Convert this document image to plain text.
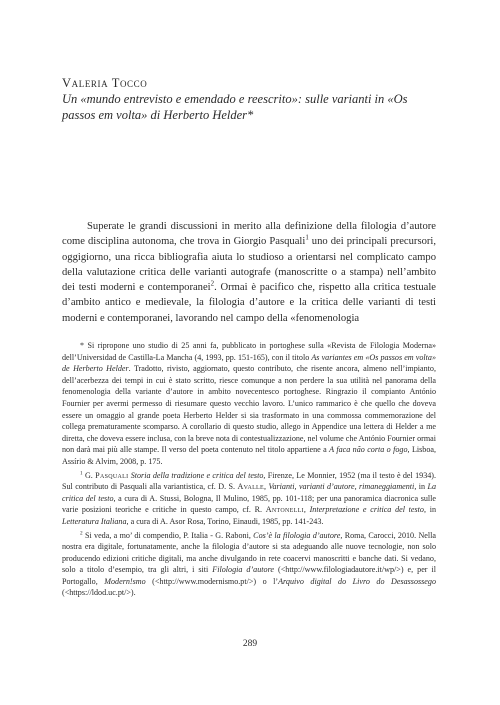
Valeria Tocco

Un «mundo entrevisto e emendado e reescrito»: sulle varianti in «Os passos em volta» di Herberto Helder*

Superate le grandi discussioni in merito alla definizione della filologia d’autore come disciplina autonoma, che trova in Giorgio Pasquali$^1$ uno dei principali precursori, oggigiorno, una ricca bibliografia aiuta lo studioso a orientarsi nel complicato campo della valutazione critica delle varianti autografe (manoscritte o a stampa) nell’ambito dei testi moderni e contemporanei$^2$. Ormai è pacifico che, rispetto alla critica testuale d’ambito antico e medievale, la filologia d’autore e la critica delle varianti di testi moderni e contemporanei, lavorando nel campo della «fenomenologia

* Si ripropone uno studio di 25 anni fa, pubblicato in portoghese sulla «Revista de Filologia Moderna» dell’Universidad de Castilla-La Mancha (4, 1993, pp. 151-165), con il titolo As variantes em «Os passos em volta» de Herberto Helder. Tradotto, rivisto, aggiornato, questo contributo, che risente ancora, almeno nell’impianto, dell’acerbezza dei tempi in cui è stato scritto, riesce comunque a non perdere la sua utilità nel panorama della fenomenologia della variante d’autore in ambito novecentesco portoghese. Ringrazio il compianto António Fournier per avermi permesso di riesumare questo vecchio lavoro. L’unico rammarico è che quello che doveva essere un omaggio al grande poeta Herberto Helder si sia trasformato in una commossa commemorazione del collega prematuramente scomparso. A corollario di questo studio, allego in Appendice una lettera di Helder a me diretta, che doveva essere inclusa, con la breve nota di contestualizzazione, nel volume che António Fournier ormai non darà mai più alle stampe. Il verso del poeta contenuto nel titolo appartiene a A faca não corta o fogo, Lisboa, Assírio & Alvim, 2008, p. 175.

$^1$ G. Pasquali Storia della tradizione e critica del testo, Firenze, Le Monnier, 1952 (ma il testo è del 1934). Sul contributo di Pasquali alla variantistica, cf. D. S. Avalle, Varianti, varianti d’autore, rimaneggiamenti, in La critica del testo, a cura di A. Stussi, Bologna, Il Mulino, 1985, pp. 101-118; per una panoramica diacronica sulle varie posizioni teoriche e critiche in questo campo, cf. R. Antonelli, Interpretazione e critica del testo, in Letteratura Italiana, a cura di A. Asor Rosa, Torino, Einaudi, 1985, pp. 141-243.

$^2$ Si veda, a mo’ di compendio, P. Italia - G. Raboni, Cos’è la filologia d’autore, Roma, Carocci, 2010. Nella nostra era digitale, fortunatamente, anche la filologia d’autore si sta adeguando alle nuove tecnologie, non solo producendo edizioni critiche digitali, ma anche divulgando in rete coacervi manoscritti e banche dati. Si vedano, solo a titolo d’esempio, tra gli altri, i siti Filologia d’autore (<http://www.filologiadautore.it/wp/>) e, per il Portogallo, Modern!smo (<http://www.modernismo.pt/>) o l’Arquivo digital do Livro do Desassossego (<https://ldod.uc.pt/>).

289
